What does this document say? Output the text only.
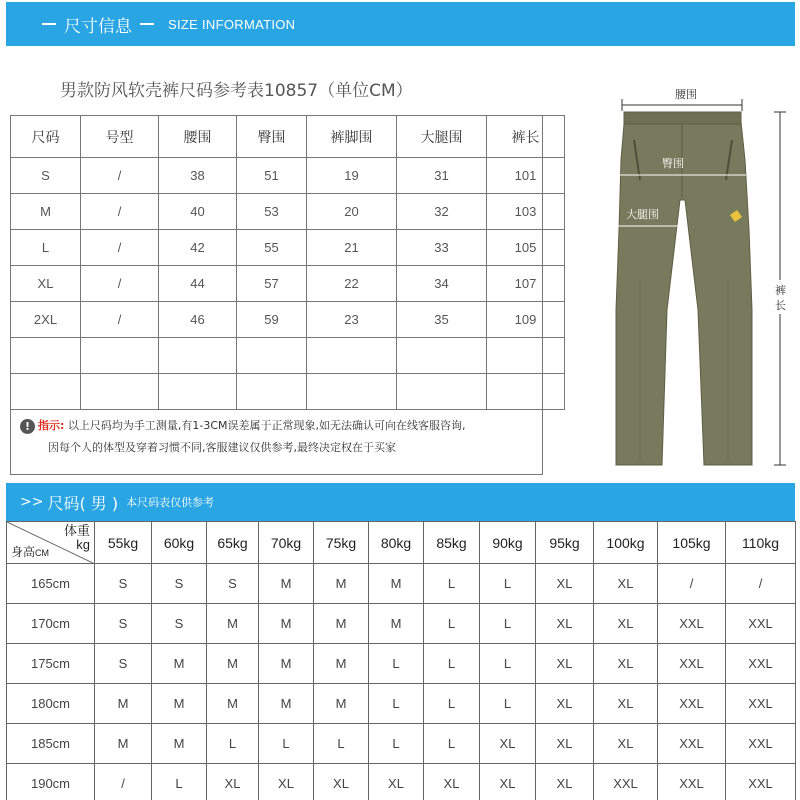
尺寸信息	SIZE INFORMATION
男款防风软壳裤尺码参考表10857（单位CM）
尺码	号型	腰围	臀围	裤脚围	大腿围	裤长
S	/	38	51	19	31	101
M	/	40	53	20	32	103
L	/	42	55	21	33	105
XL	/	44	57	22	34	107
2XL	/	46	59	23	35	109

! 指示: 以上尺码均为手工测量,有1-3CM误差属于正常现象,如无法确认可向在线客服咨询,
因每个人的体型及穿着习惯不同,客服建议仅供参考,最终决定权在于买家
腰围
臀围
大腿围
裤
长
>> 尺码( 男 ) 本尺码表仅供参考
体重
kg
身高CM	55kg	60kg	65kg	70kg	75kg	80kg	85kg	90kg	95kg	100kg	105kg	110kg
165cm	S	S	S	M	M	M	L	L	XL	XL	/	/
170cm	S	S	M	M	M	M	L	L	XL	XL	XXL	XXL
175cm	S	M	M	M	M	L	L	L	XL	XL	XXL	XXL
180cm	M	M	M	M	M	L	L	L	XL	XL	XXL	XXL
185cm	M	M	L	L	L	L	L	XL	XL	XL	XXL	XXL
190cm	/	L	XL	XL	XL	XL	XL	XL	XL	XXL	XXL	XXL
